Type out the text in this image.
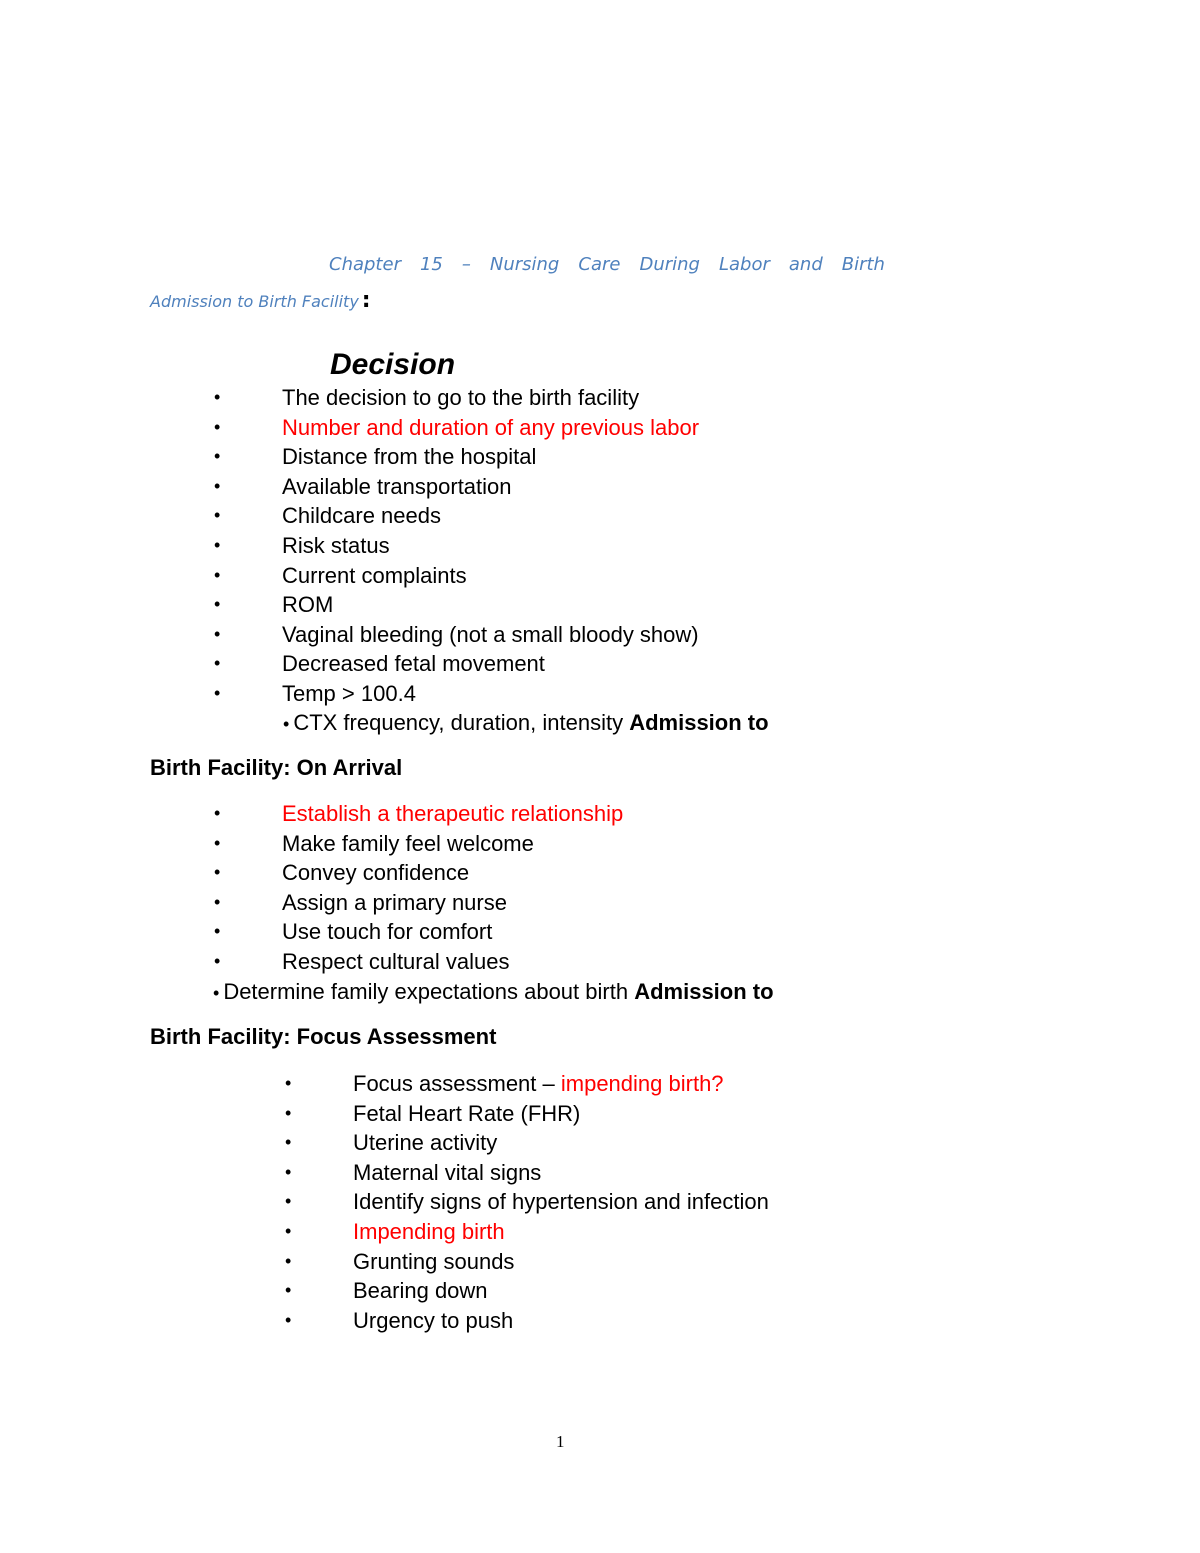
Chapter 15 – Nursing Care During Labor and Birth
Admission to Birth Facility :
Decision
•	The decision to go to the birth facility
•	Number and duration of any previous labor
•	Distance from the hospital
•	Available transportation
•	Childcare needs
•	Risk status
•	Current complaints
•	ROM
•	Vaginal bleeding (not a small bloody show)
•	Decreased fetal movement
•	Temp > 100.4
• CTX frequency, duration, intensity Admission to
Birth Facility: On Arrival
•	Establish a therapeutic relationship
•	Make family feel welcome
•	Convey confidence
•	Assign a primary nurse
•	Use touch for comfort
•	Respect cultural values
• Determine family expectations about birth Admission to
Birth Facility: Focus Assessment
•	Focus assessment – impending birth?
•	Fetal Heart Rate (FHR)
•	Uterine activity
•	Maternal vital signs
•	Identify signs of hypertension and infection
•	Impending birth
•	Grunting sounds
•	Bearing down
•	Urgency to push
1
